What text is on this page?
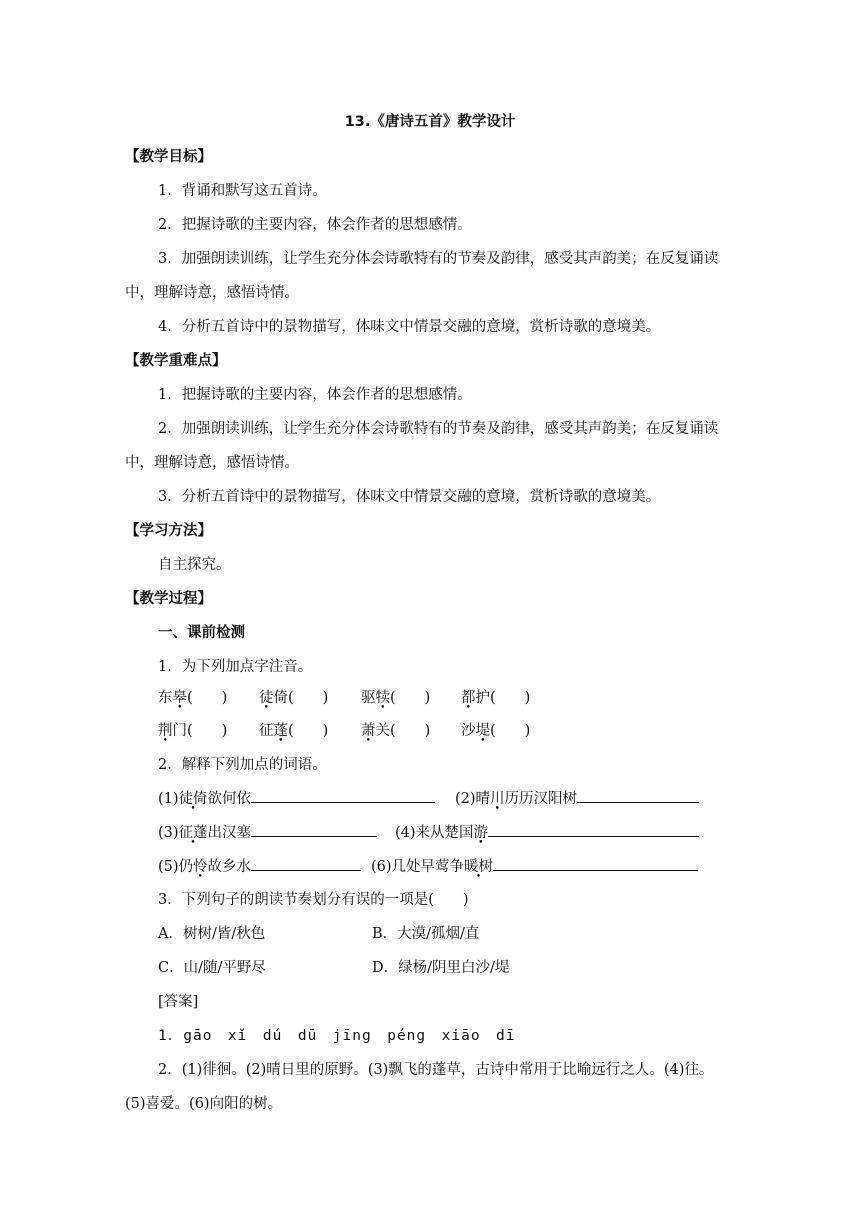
13.《唐诗五首》教学设计
【教学目标】
1．背诵和默写这五首诗。
2．把握诗歌的主要内容，体会作者的思想感情。
3．加强朗读训练，让学生充分体会诗歌特有的节奏及韵律，感受其声韵美；在反复诵读
中，理解诗意，感悟诗情。
4．分析五首诗中的景物描写，体味文中情景交融的意境，赏析诗歌的意境美。
【教学重难点】
1．把握诗歌的主要内容，体会作者的思想感情。
2．加强朗读训练，让学生充分体会诗歌特有的节奏及韵律，感受其声韵美；在反复诵读
中，理解诗意，感悟诗情。
3．分析五首诗中的景物描写，体味文中情景交融的意境，赏析诗歌的意境美。
【学习方法】
自主探究。
【教学过程】
一、课前检测
1．为下列加点字注音。
东皋(　　) 徒倚(　　) 驱犊(　　) 都护(　　)
荆门(　　) 征蓬(　　) 萧关(　　) 沙堤(　　)
2．解释下列加点的词语。
(1)徒倚欲何依	(2)晴川历历汉阳树
(3)征蓬出汉塞	(4)来从楚国游
(5)仍怜故乡水	(6)几处早莺争暖树
3．下列句子的朗读节奏划分有误的一项是(　　)
A．树树/皆/秋色	B．大漠/孤烟/直
C．山/随/平野尽	D．绿杨/阴里白沙/堤
[答案]
1．gāo　xǐ　dú　dū　jīng　péng　xiāo　dī
2．(1)徘徊。(2)晴日里的原野。(3)飘飞的蓬草，古诗中常用于比喻远行之人。(4)往。
(5)喜爱。(6)向阳的树。
